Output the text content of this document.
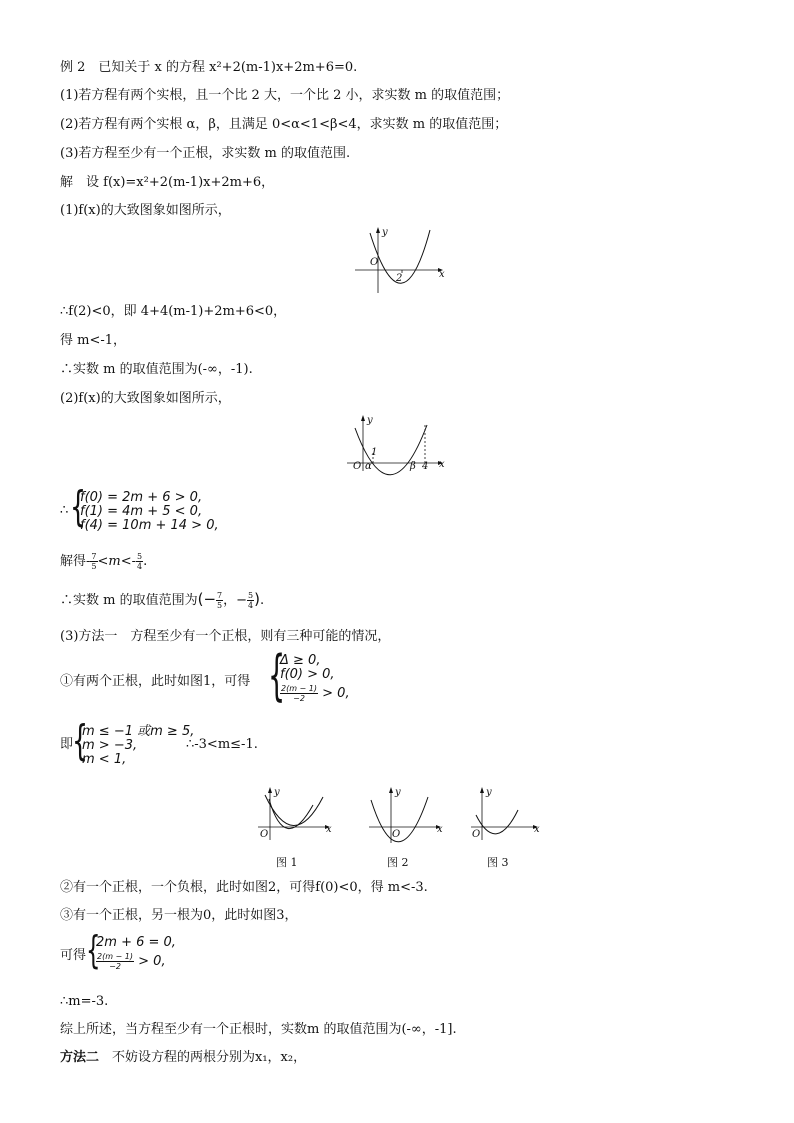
例 2　已知关于 x 的方程 x²+2(m-1)x+2m+6=0.
(1)若方程有两个实根，且一个比 2 大，一个比 2 小，求实数 m 的取值范围；
(2)若方程有两个实根 α，β，且满足 0<α<1<β<4，求实数 m 的取值范围；
(3)若方程至少有一个正根，求实数 m 的取值范围.
解　设 f(x)=x²+2(m-1)x+2m+6，
(1)f(x)的大致图象如图所示，
y
x
O
2
∴f(2)<0，即 4+4(m-1)+2m+6<0，
得 m<-1，
∴实数 m 的取值范围为(-∞，-1).
(2)f(x)的大致图象如图所示，
y
x
O α
1
β 4
∴ {
f(0) = 2m + 6 > 0,
f(1) = 4m + 5 < 0,
f(4) = 10m + 14 > 0,
解得- $\frac{7}{5} <m<- \frac{5}{4}$ .
∴实数 m 的取值范围为(− $\frac{7}{5}$ ，− $\frac{5}{4}$ ).
(3)方法一　方程至少有一个正根，则有三种可能的情况，
①有两个正根，此时如图1，可得 {
Δ ≥ 0,
f(0) > 0,
$\frac{2(m - 1)}{-2} > 0$,
即
{
m ≤ −1 或m ≥ 5,
m > −3,
m < 1,
∴-3<m≤-1.
y
x
O
图 1
y
x
O
图 2
y
x
O
图 3
②有一个正根，一个负根，此时如图2，可得f(0)<0，得 m<-3.
③有一个正根，另一根为0，此时如图3，
可得 {
2m + 6 = 0,
$\frac{2(m - 1)}{-2} > 0$,
∴m=-3.
综上所述，当方程至少有一个正根时，实数m 的取值范围为(-∞，-1].
方法二　不妨设方程的两根分别为x₁，x₂，
